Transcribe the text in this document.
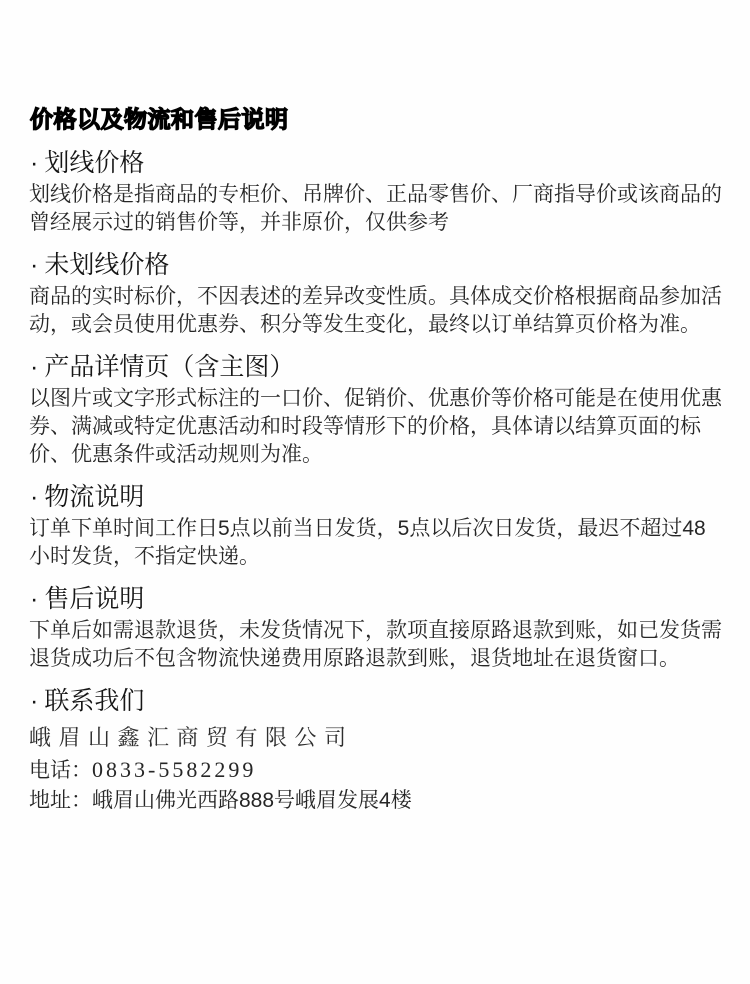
价格以及物流和售后说明
· 划线价格

划线价格是指商品的专柜价、吊牌价、正品零售价、厂商指导价或该商品的曾经展示过的销售价等，并非原价，仅供参考

· 未划线价格

商品的实时标价，不因表述的差异改变性质。具体成交价格根据商品参加活动，或会员使用优惠券、积分等发生变化，最终以订单结算页价格为准。

· 产品详情页（含主图）

以图片或文字形式标注的一口价、促销价、优惠价等价格可能是在使用优惠券、满减或特定优惠活动和时段等情形下的价格，具体请以结算页面的标价、优惠条件或活动规则为准。

· 物流说明

订单下单时间工作日5点以前当日发货，5点以后次日发货，最迟不超过48小时发货，不指定快递。

· 售后说明

下单后如需退款退货，未发货情况下，款项直接原路退款到账，如已发货需退货成功后不包含物流快递费用原路退款到账，退货地址在退货窗口。

· 联系我们

峨眉山鑫汇商贸有限公司

电话：0833-5582299

地址：峨眉山佛光西路888号峨眉发展4楼
